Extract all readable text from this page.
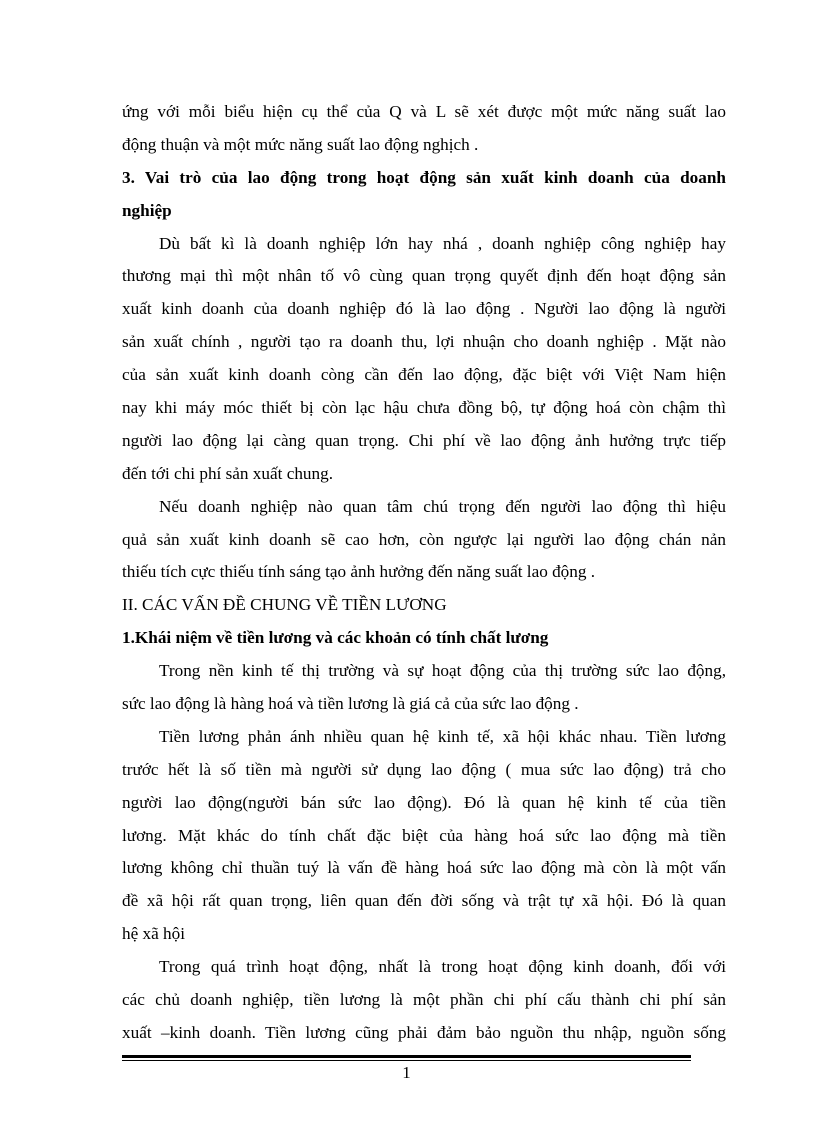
ứng với mỗi biểu hiện cụ thể của Q và L sẽ xét được một mức năng suất lao
động thuận và một mức năng suất lao động nghịch .
3. Vai trò của lao động trong hoạt động sản xuất kinh doanh của doanh
nghiệp
Dù bất kì là doanh nghiệp lớn hay nhá , doanh nghiệp công nghiệp hay
thương mại thì một nhân tố vô cùng quan trọng quyết định đến hoạt động sản
xuất kinh doanh của doanh nghiệp đó là lao động . Người lao động là người
sản xuất chính , người tạo ra doanh thu, lợi nhuận cho doanh nghiệp . Mặt nào
của sản xuất kinh doanh còng cần đến lao động, đặc biệt với Việt Nam hiện
nay khi máy móc thiết bị còn lạc hậu chưa đồng bộ, tự động hoá còn chậm thì
người lao động lại càng quan trọng. Chi phí về lao động ảnh hưởng trực tiếp
đến tới chi phí sản xuất chung.
Nếu doanh nghiệp nào quan tâm chú trọng đến người lao động thì hiệu
quả sản xuất kinh doanh sẽ cao hơn, còn ngược lại người lao động chán nản
thiếu tích cực thiếu tính sáng tạo ảnh hưởng đến năng suất lao động .
II. CÁC VẤN ĐỀ CHUNG VỀ TIỀN LƯƠNG
1.Khái niệm về tiền lương và các khoản có tính chất lương
Trong nền kinh tế thị trường và sự hoạt động của thị trường sức lao động,
sức lao động là hàng hoá và tiền lương là giá cả của sức lao động .
Tiền lương phản ánh nhiều quan hệ kinh tế, xã hội khác nhau. Tiền lương
trước hết là số tiền mà người sử dụng lao động ( mua sức lao động) trả cho
người lao động(người bán sức lao động). Đó là quan hệ kinh tế của tiền
lương. Mặt khác do tính chất đặc biệt của hàng hoá sức lao động mà tiền
lương không chỉ thuần tuý là vấn đề hàng hoá sức lao động mà còn là một vấn
đề xã hội rất quan trọng, liên quan đến đời sống và trật tự xã hội. Đó là quan
hệ xã hội
Trong quá trình hoạt động, nhất là trong hoạt động kinh doanh, đối với
các chủ doanh nghiệp, tiền lương là một phần chi phí cấu thành chi phí sản
xuất –kinh doanh. Tiền lương cũng phải đảm bảo nguồn thu nhập, nguồn sống
1
